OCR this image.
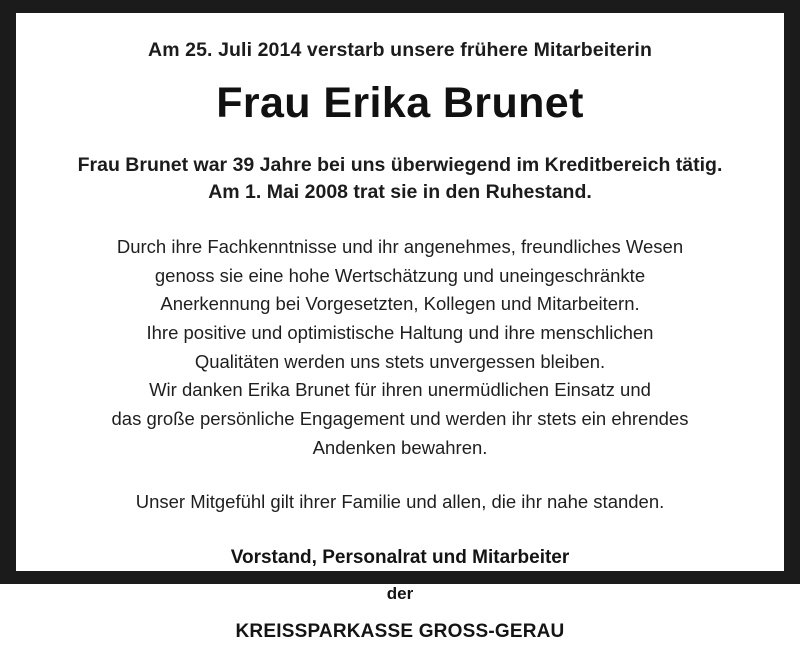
Am 25. Juli 2014 verstarb unsere frühere Mitarbeiterin
Frau Erika Brunet

Frau Brunet war 39 Jahre bei uns überwiegend im Kreditbereich tätig.

Am 1. Mai 2008 trat sie in den Ruhestand.

Durch ihre Fachkenntnisse und ihr angenehmes, freundliches Wesen

genoss sie eine hohe Wertschätzung und uneingeschränkte

Anerkennung bei Vorgesetzten, Kollegen und Mitarbeitern.

Ihre positive und optimistische Haltung und ihre menschlichen

Qualitäten werden uns stets unvergessen bleiben.

Wir danken Erika Brunet für ihren unermüdlichen Einsatz und

das große persönliche Engagement und werden ihr stets ein ehrendes

Andenken bewahren.

Unser Mitgefühl gilt ihrer Familie und allen, die ihr nahe standen.

Vorstand, Personalrat und Mitarbeiter

der

KREISSPARKASSE GROSS-GERAU
